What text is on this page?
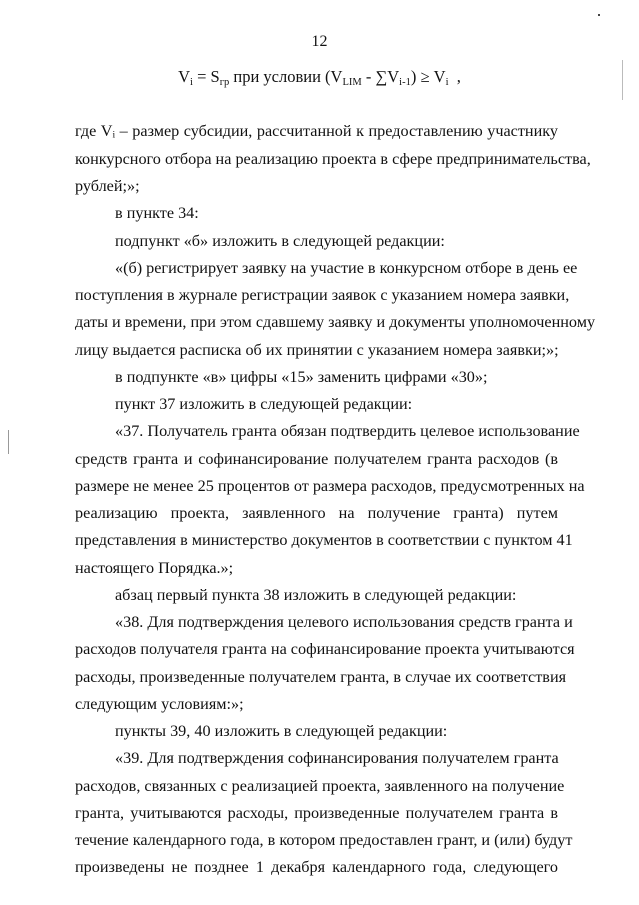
12
$V_i = S_{гр}$ при условии $(V_{LIM} - \sum V_{i-1}) \ge V_i$  ,
где Vᵢ – размер субсидии, рассчитанной к предоставлению участнику
конкурсного отбора на реализацию проекта в сфере предпринимательства,
рублей;»;
в пункте 34:
подпункт «б» изложить в следующей редакции:
«(б) регистрирует заявку на участие в конкурсном отборе в день ее
поступления в журнале регистрации заявок с указанием номера заявки,
даты и времени, при этом сдавшему заявку и документы уполномоченному
лицу выдается расписка об их принятии с указанием номера заявки;»;
в подпункте «в» цифры «15» заменить цифрами «30»;
пункт 37 изложить в следующей редакции:
«37. Получатель гранта обязан подтвердить целевое использование
средств гранта и софинансирование получателем гранта расходов (в
размере не менее 25 процентов от размера расходов, предусмотренных на
реализацию проекта, заявленного на получение гранта) путем
представления в министерство документов в соответствии с пунктом 41
настоящего Порядка.»;
абзац первый пункта 38 изложить в следующей редакции:
«38. Для подтверждения целевого использования средств гранта и
расходов получателя гранта на софинансирование проекта учитываются
расходы, произведенные получателем гранта, в случае их соответствия
следующим условиям:»;
пункты 39, 40 изложить в следующей редакции:
«39. Для подтверждения софинансирования получателем гранта
расходов, связанных с реализацией проекта, заявленного на получение
гранта, учитываются расходы, произведенные получателем гранта в
течение календарного года, в котором предоставлен грант, и (или) будут
произведены не позднее 1 декабря календарного года, следующего
